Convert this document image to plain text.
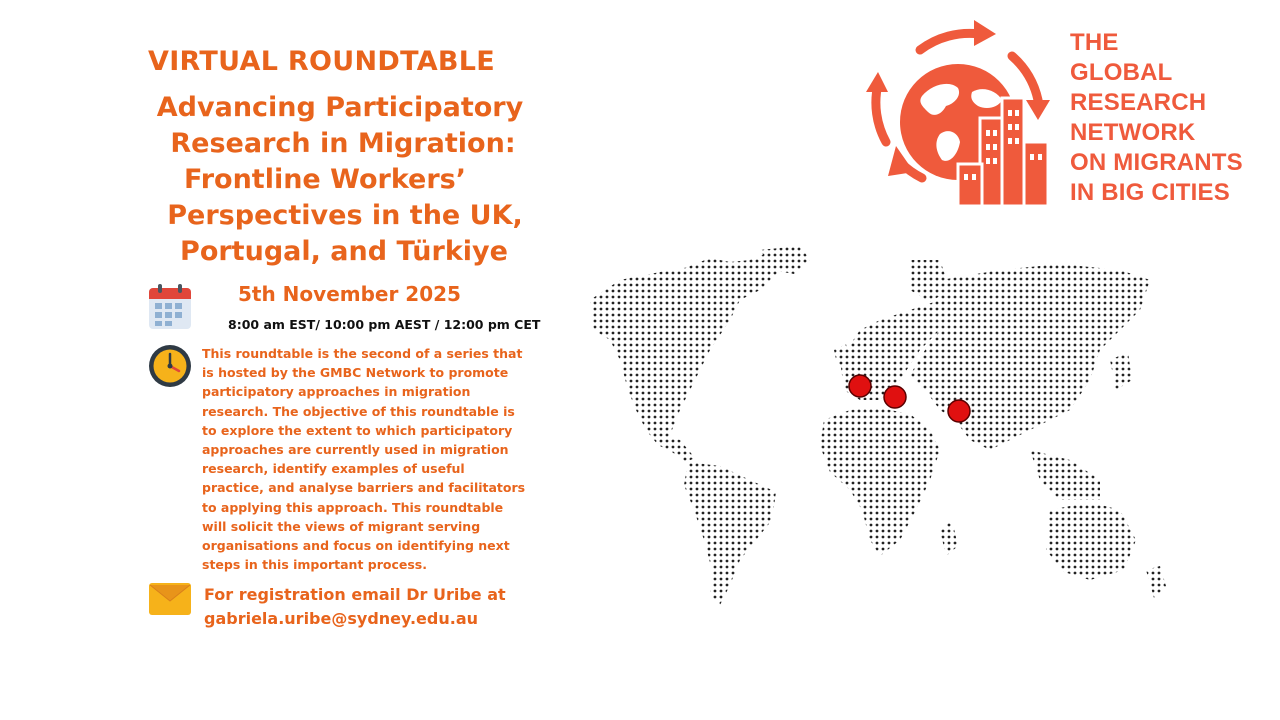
VIRTUAL ROUNDTABLE
Advancing Participatory
Research in Migration:
Frontline Workers’
Perspectives in the UK,
Portugal, and Türkiye
5th November 2025
8:00 am EST/ 10:00 pm AEST / 12:00 pm CET
This roundtable is the second of a series that
is hosted by the GMBC Network to promote
participatory approaches in migration
research. The objective of this roundtable is
to explore the extent to which participatory
approaches are currently used in migration
research, identify examples of useful
practice, and analyse barriers and facilitators
to applying this approach. This roundtable
will solicit the views of migrant serving
organisations and focus on identifying next
steps in this important process.
For registration email Dr Uribe at
gabriela.uribe@sydney.edu.au
THE
GLOBAL
RESEARCH
NETWORK
ON MIGRANTS
IN BIG CITIES
